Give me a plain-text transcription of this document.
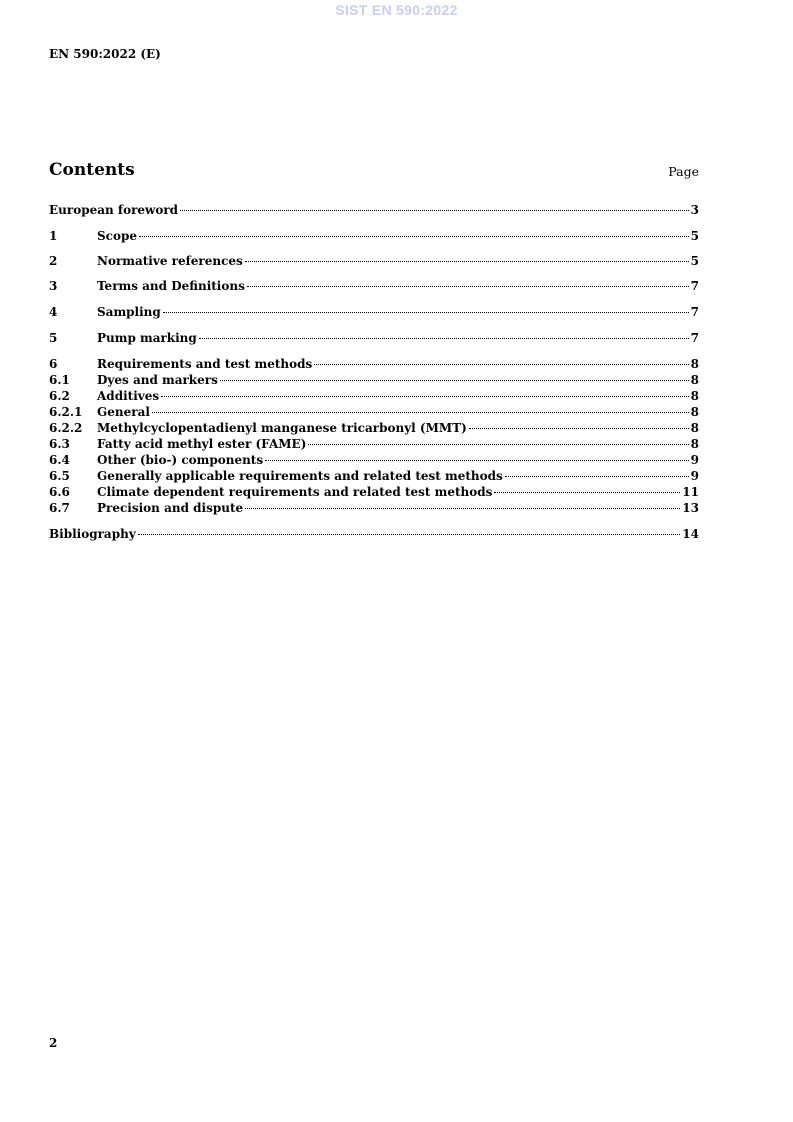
SIST EN 590:2022
EN 590:2022 (E)
Contents	Page
European foreword	3
1	Scope	5
2	Normative references	5
3	Terms and Definitions	7
4	Sampling	7
5	Pump marking	7
6	Requirements and test methods	8
6.1 Dyes and markers	8
6.2 Additives	8
6.2.1 General	8
6.2.2 Methylcyclopentadienyl manganese tricarbonyl (MMT)	8
6.3 Fatty acid methyl ester (FAME)	8
6.4 Other (bio-) components	9
6.5 Generally applicable requirements and related test methods	9
6.6 Climate dependent requirements and related test methods	11
6.7 Precision and dispute	13
Bibliography	14
2
